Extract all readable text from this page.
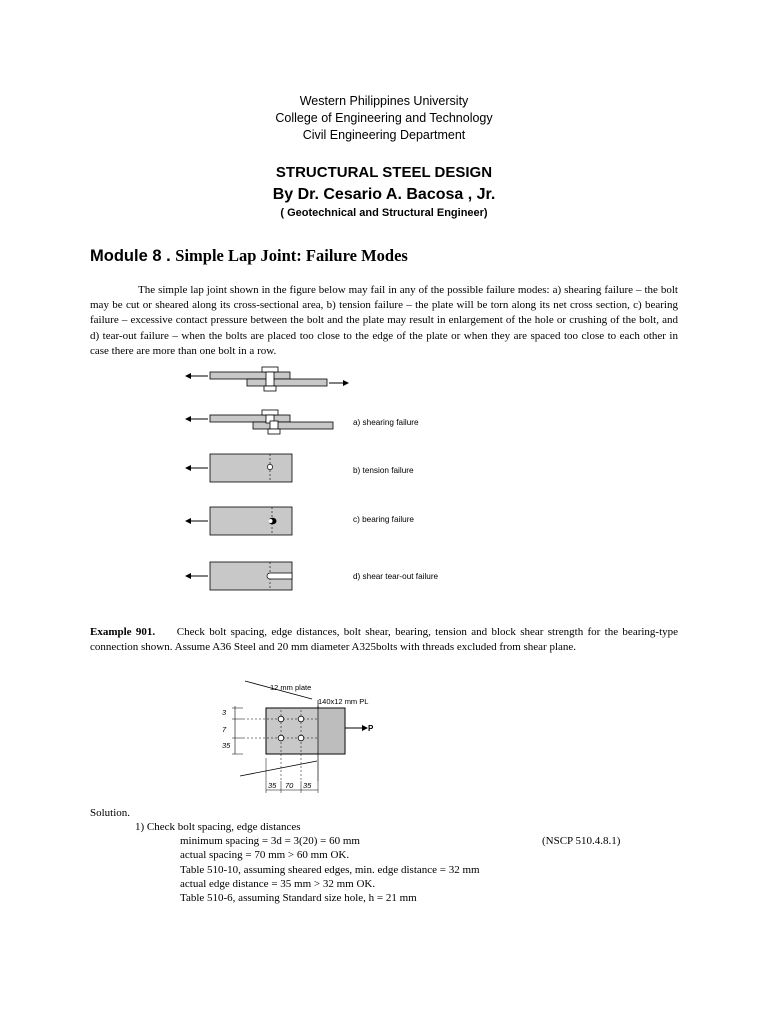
Western Philippines University
College of Engineering and Technology
Civil Engineering Department
STRUCTURAL STEEL DESIGN
By Dr. Cesario A. Bacosa , Jr.
( Geotechnical and Structural Engineer)
Module 8 . Simple Lap Joint: Failure Modes
The simple lap joint shown in the figure below may fail in any of the possible failure modes: a) shearing failure – the bolt may be cut or sheared along its cross-sectional area, b) tension failure – the plate will be torn along its net cross section, c) bearing failure – excessive contact pressure between the bolt and the plate may result in enlargement of the hole or crushing of the bolt, and d) tear-out failure – when the bolts are placed too close to the edge of the plate or when they are spaced too close to each other in case there are more than one bolt in a row.
a) shearing failure
b) tension failure
c) bearing failure
d) shear tear-out failure
Example 901. Check bolt spacing, edge distances, bolt shear, bearing, tension and block shear strength for the bearing-type connection shown. Assume A36 Steel and 20 mm diameter A325bolts with threads excluded from shear plane.
12 mm plate
140x12 mm PL
P
3
7
35
35 70 35
Solution.
1) Check bolt spacing, edge distances
minimum spacing = 3d = 3(20) = 60 mm	(NSCP 510.4.8.1)
actual spacing = 70 mm > 60 mm OK.
Table 510-10, assuming sheared edges, min. edge distance = 32 mm
actual edge distance = 35 mm > 32 mm OK.
Table 510-6, assuming Standard size hole, h = 21 mm
